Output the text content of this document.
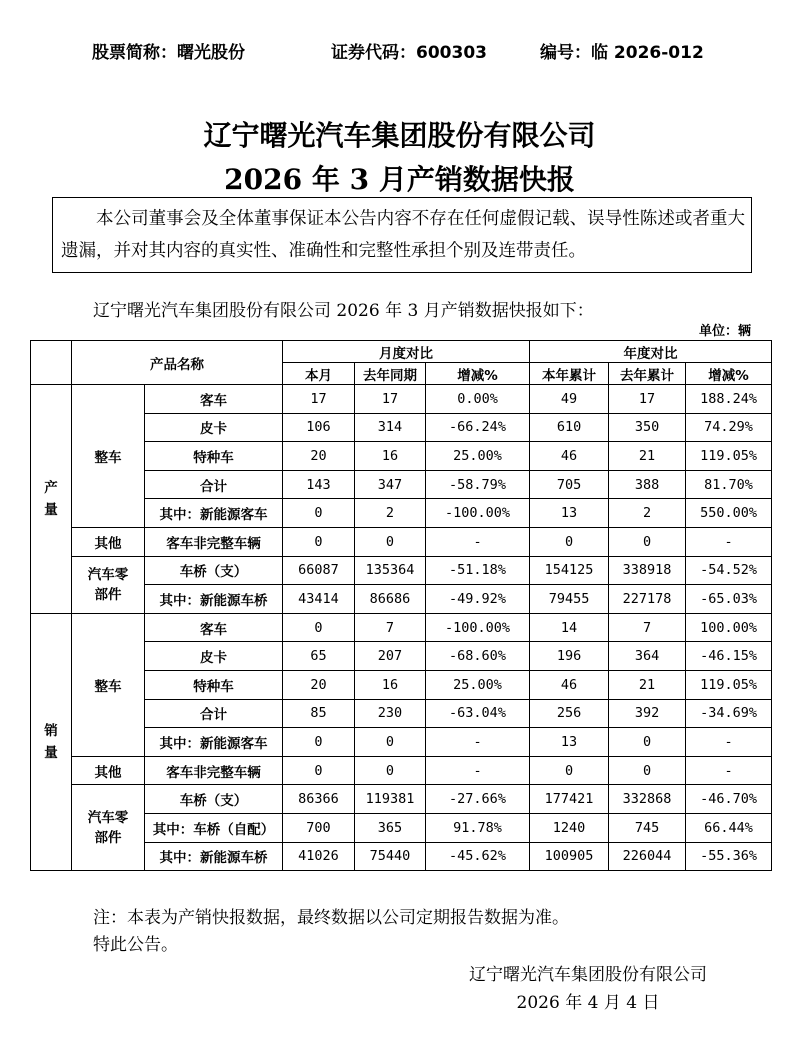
股票简称：曙光股份	证券代码：600303	编号：临 2026-012
辽宁曙光汽车集团股份有限公司
2026 年 3 月产销数据快报

本公司董事会及全体董事保证本公告内容不存在任何虚假记载、误导性陈述或者重大遗漏，并对其内容的真实性、准确性和完整性承担个别及连带责任。

辽宁曙光汽车集团股份有限公司 2026 年 3 月产销数据快报如下：
单位：辆
	产品名称		月度对比			年度对比		
			本月	去年同期	增减%	本年累计	去年累计	增减%
产
量	整车	客车	17	17	0.00%	49	17	188.24%
		皮卡	106	314	-66.24%	610	350	74.29%
		特种车	20	16	25.00%	46	21	119.05%
		合计	143	347	-58.79%	705	388	81.70%
		其中：新能源客车	0	2	-100.00%	13	2	550.00%
	其他	客车非完整车辆	0	0	-	0	0	-
	汽车零
部件	车桥（支）	66087	135364	-51.18%	154125	338918	-54.52%
		其中：新能源车桥	43414	86686	-49.92%	79455	227178	-65.03%
销
量	整车	客车	0	7	-100.00%	14	7	100.00%
		皮卡	65	207	-68.60%	196	364	-46.15%
		特种车	20	16	25.00%	46	21	119.05%
		合计	85	230	-63.04%	256	392	-34.69%
		其中：新能源客车	0	0	-	13	0	-
	其他	客车非完整车辆	0	0	-	0	0	-
	汽车零
部件	车桥（支）	86366	119381	-27.66%	177421	332868	-46.70%
		其中：车桥（自配）	700	365	91.78%	1240	745	66.44%
		其中：新能源车桥	41026	75440	-45.62%	100905	226044	-55.36%
注：本表为产销快报数据，最终数据以公司定期报告数据为准。
特此公告。
辽宁曙光汽车集团股份有限公司
2026 年 4 月 4 日
